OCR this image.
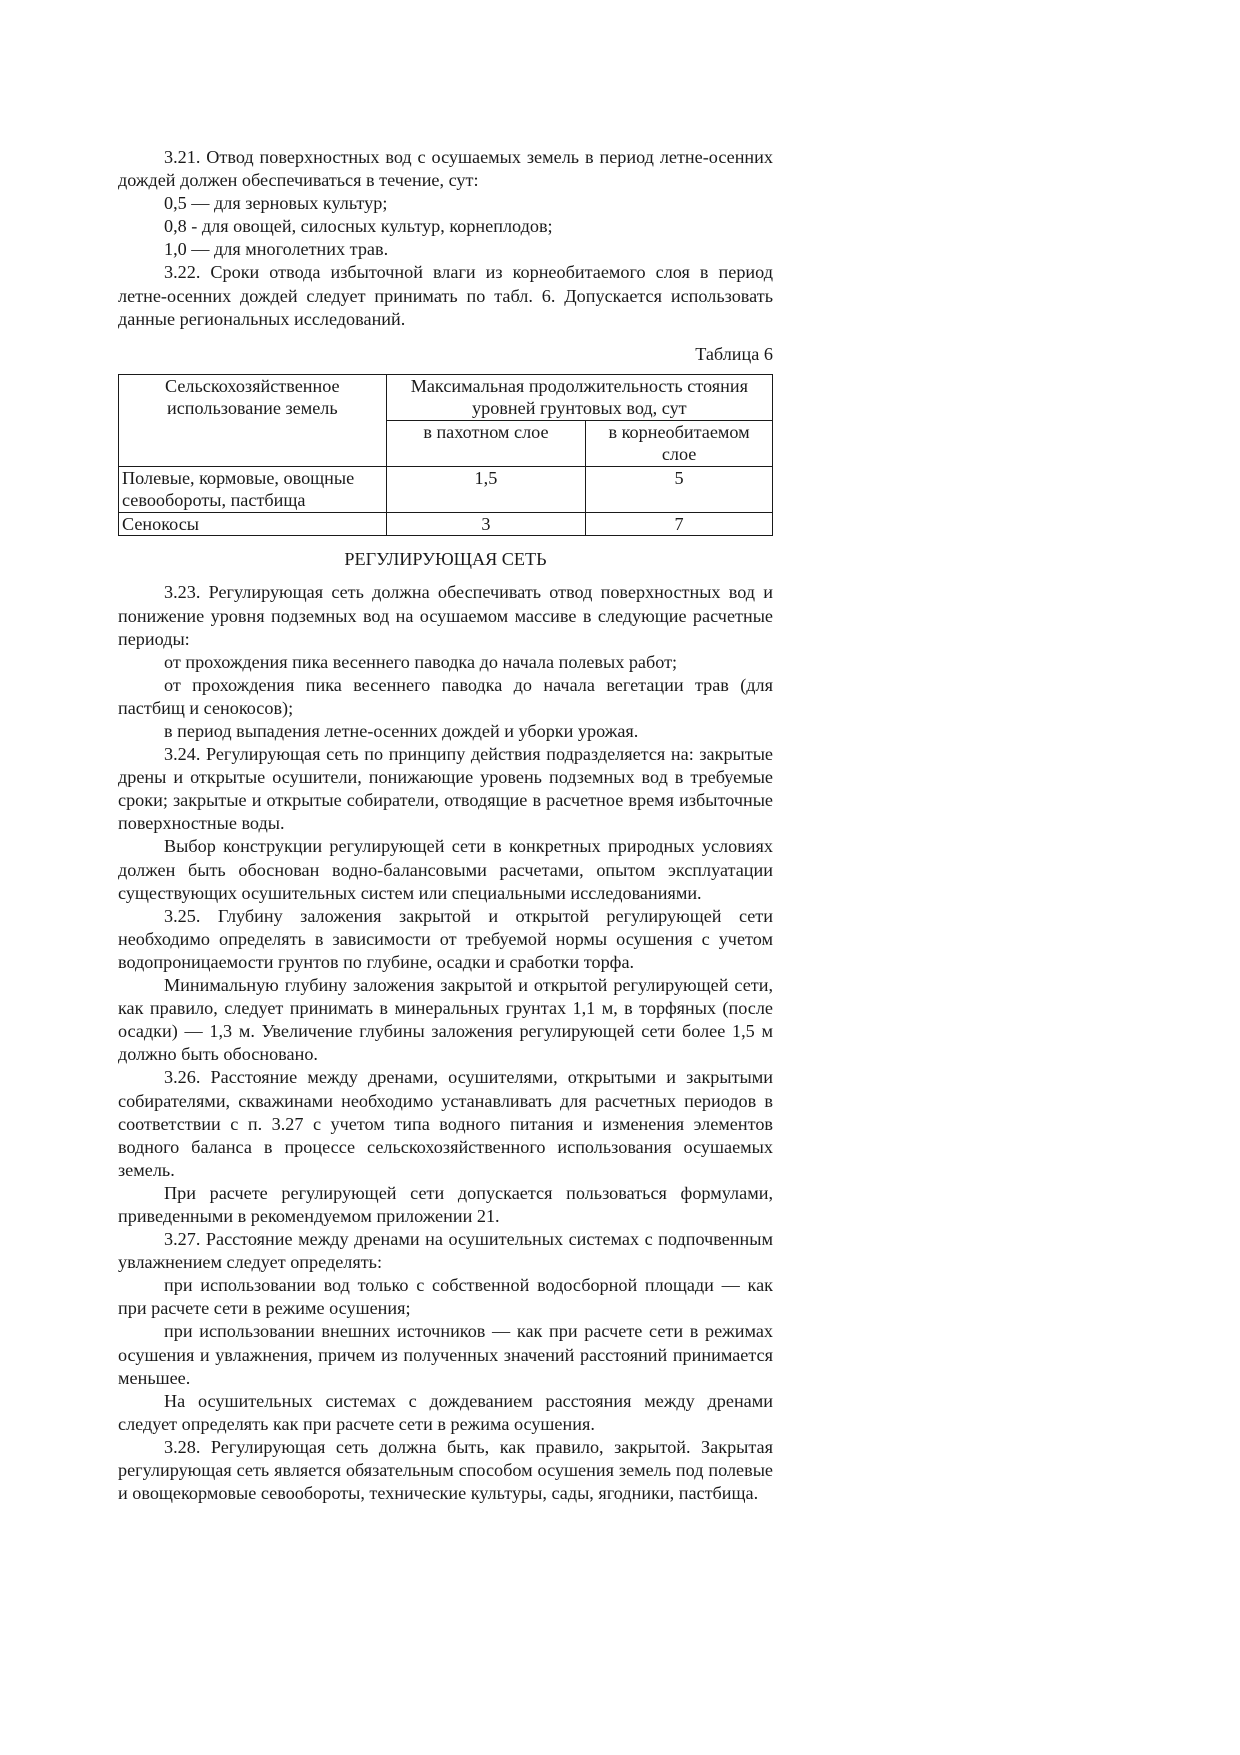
3.21. Отвод поверхностных вод с осушаемых земель в период летне-осенних дождей должен обеспечиваться в течение, сут:

0,5 — для зерновых культур;

0,8 - для овощей, силосных культур, корнеплодов;

1,0 — для многолетних трав.

3.22. Сроки отвода избыточной влаги из корнеобитаемого слоя в период летне-осенних дождей следует принимать по табл. 6. Допускается использовать данные региональных исследований.

Таблица 6
Сельскохозяйственное использование земель	Максимальная продолжительность стояния уровней грунтовых вод, сут	
	в пахотном слое	в корнеобитаемом слое
Полевые, кормовые, овощные севообороты, пастбища	1,5	5
Сенокосы	3	7
РЕГУЛИРУЮЩАЯ СЕТЬ

3.23. Регулирующая сеть должна обеспечивать отвод поверхностных вод и понижение уровня подземных вод на осушаемом массиве в следующие расчетные периоды:

от прохождения пика весеннего паводка до начала полевых работ;

от прохождения пика весеннего паводка до начала вегетации трав (для пастбищ и сенокосов);

в период выпадения летне-осенних дождей и уборки урожая.

3.24. Регулирующая сеть по принципу действия подразделяется на: закрытые дрены и открытые осушители, понижающие уровень подземных вод в требуемые сроки; закрытые и открытые собиратели, отводящие в расчетное время избыточные поверхностные воды.

Выбор конструкции регулирующей сети в конкретных природных условиях должен быть обоснован водно-балансовыми расчетами, опытом эксплуатации существующих осушительных систем или специальными исследованиями.

3.25. Глубину заложения закрытой и открытой регулирующей сети необходимо определять в зависимости от требуемой нормы осушения с учетом водопроницаемости грунтов по глубине, осадки и сработки торфа.

Минимальную глубину заложения закрытой и открытой регулирующей сети, как правило, следует принимать в минеральных грунтах 1,1 м, в торфяных (после осадки) — 1,3 м. Увеличение глубины заложения регулирующей сети более 1,5 м должно быть обосновано.

3.26. Расстояние между дренами, осушителями, открытыми и закрытыми собирателями, скважинами необходимо устанавливать для расчетных периодов в соответствии с п. 3.27 с учетом типа водного питания и изменения элементов водного баланса в процессе сельскохозяйственного использования осушаемых земель.

При расчете регулирующей сети допускается пользоваться формулами, приведенными в рекомендуемом приложении 21.

3.27. Расстояние между дренами на осушительных системах с подпочвенным увлажнением следует определять:

при использовании вод только с собственной водосборной площади — как при расчете сети в режиме осушения;

при использовании внешних источников — как при расчете сети в режимах осушения и увлажнения, причем из полученных значений расстояний принимается меньшее.

На осушительных системах с дождеванием расстояния между дренами следует определять как при расчете сети в режима осушения.

3.28. Регулирующая сеть должна быть, как правило, закрытой. Закрытая регулирующая сеть является обязательным способом осушения земель под полевые и овощекормовые севообороты, технические культуры, сады, ягодники, пастбища.
